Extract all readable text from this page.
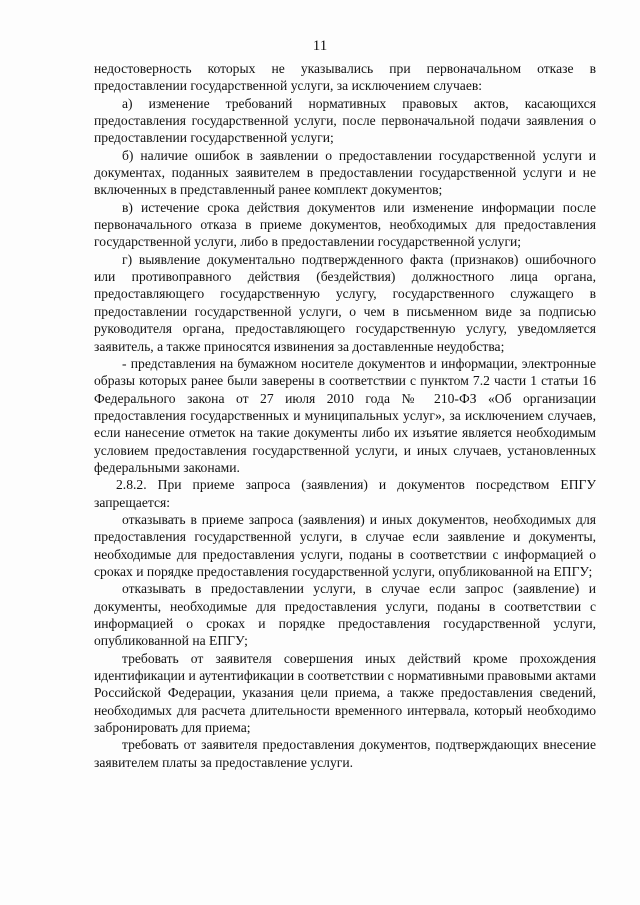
11

недостоверность которых не указывались при первоначальном отказе в предоставлении государственной услуги, за исключением случаев:

а) изменение требований нормативных правовых актов, касающихся предоставления государственной услуги, после первоначальной подачи заявления о предоставлении государственной услуги;

б) наличие ошибок в заявлении о предоставлении государственной услуги и документах, поданных заявителем в предоставлении государственной услуги и не включенных в представленный ранее комплект документов;

в) истечение срока действия документов или изменение информации после первоначального отказа в приеме документов, необходимых для предоставления государственной услуги, либо в предоставлении государственной услуги;

г) выявление документально подтвержденного факта (признаков) ошибочного или противоправного действия (бездействия) должностного лица органа, предоставляющего государственную услугу, государственного служащего в предоставлении государственной услуги, о чем в письменном виде за подписью руководителя органа, предоставляющего государственную услугу, уведомляется заявитель, а также приносятся извинения за доставленные неудобства;

- представления на бумажном носителе документов и информации, электронные образы которых ранее были заверены в соответствии с пунктом 7.2 части 1 статьи 16 Федерального закона от 27 июля 2010 года № 210-ФЗ «Об организации предоставления государственных и муниципальных услуг», за исключением случаев, если нанесение отметок на такие документы либо их изъятие является необходимым условием предоставления государственной услуги, и иных случаев, установленных федеральными законами.

2.8.2. При приеме запроса (заявления) и документов посредством ЕПГУ запрещается:

отказывать в приеме запроса (заявления) и иных документов, необходимых для предоставления государственной услуги, в случае если заявление и документы, необходимые для предоставления услуги, поданы в соответствии с информацией о сроках и порядке предоставления государственной услуги, опубликованной на ЕПГУ;

отказывать в предоставлении услуги, в случае если запрос (заявление) и документы, необходимые для предоставления услуги, поданы в соответствии с информацией о сроках и порядке предоставления государственной услуги, опубликованной на ЕПГУ;

требовать от заявителя совершения иных действий кроме прохождения идентификации и аутентификации в соответствии с нормативными правовыми актами Российской Федерации, указания цели приема, а также предоставления сведений, необходимых для расчета длительности временного интервала, который необходимо забронировать для приема;

требовать от заявителя предоставления документов, подтверждающих внесение заявителем платы за предоставление услуги.
